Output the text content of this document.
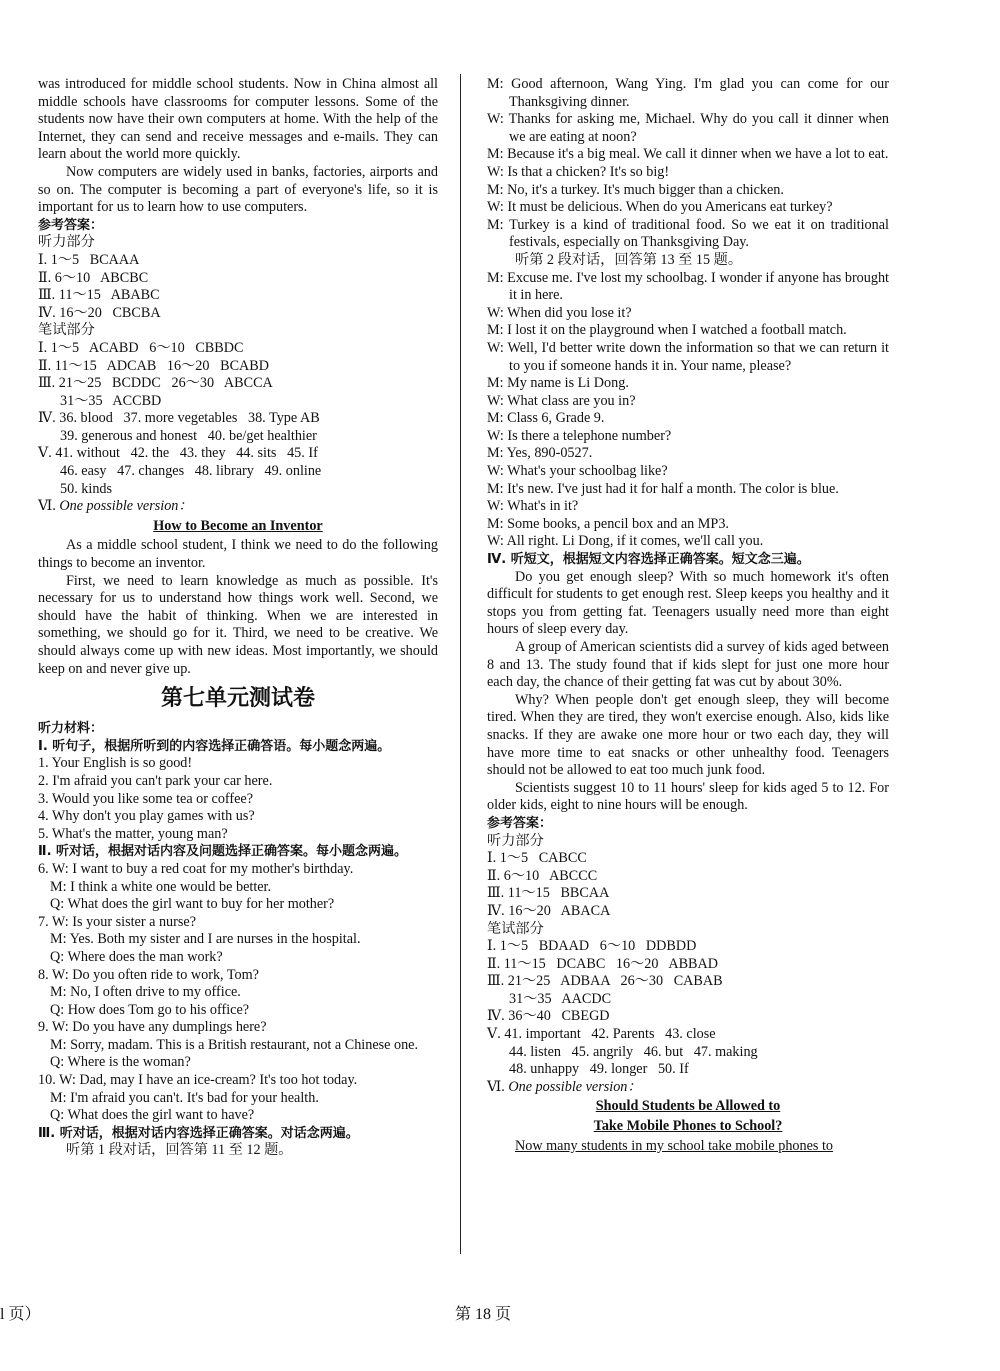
was introduced for middle school students. Now in China almost all middle schools have classrooms for computer lessons. Some of the students now have their own computers at home. With the help of the Internet, they can send and receive messages and e-mails. They can learn about the world more quickly.

Now computers are widely used in banks, factories, airports and so on. The computer is becoming a part of everyone's life, so it is important for us to learn how to use computers.

参考答案：

听力部分

Ⅰ. 1～5   BCAAA

Ⅱ. 6～10   ABCBC

Ⅲ. 11～15   ABABC

Ⅳ. 16～20   CBCBA

笔试部分

Ⅰ. 1～5   ACABD   6～10   CBBDC

Ⅱ. 11～15   ADCAB   16～20   BCABD

Ⅲ. 21～25   BCDDC   26～30   ABCCA

31～35   ACCBD

Ⅳ. 36. blood   37. more vegetables   38. Type AB

39. generous and honest   40. be/get healthier

Ⅴ. 41. without   42. the   43. they   44. sits   45. If

46. easy   47. changes   48. library   49. online

50. kinds

Ⅵ. One possible version：

How to Become an Inventor

As a middle school student, I think we need to do the following things to become an inventor.

First, we need to learn knowledge as much as possible. It's necessary for us to understand how things work well. Second, we should have the habit of thinking. When we are interested in something, we should go for it. Third, we need to be creative. We should always come up with new ideas. Most importantly, we should keep on and never give up.

第七单元测试卷

听力材料：

Ⅰ. 听句子，根据所听到的内容选择正确答语。每小题念两遍。

1. Your English is so good!

2. I'm afraid you can't park your car here.

3. Would you like some tea or coffee?

4. Why don't you play games with us?

5. What's the matter, young man?

Ⅱ. 听对话，根据对话内容及问题选择正确答案。每小题念两遍。

6. W: I want to buy a red coat for my mother's birthday.

M: I think a white one would be better.

Q: What does the girl want to buy for her mother?

7. W: Is your sister a nurse?

M: Yes. Both my sister and I are nurses in the hospital.

Q: Where does the man work?

8. W: Do you often ride to work, Tom?

M: No, I often drive to my office.

Q: How does Tom go to his office?

9. W: Do you have any dumplings here?

M: Sorry, madam. This is a British restaurant, not a Chinese one.

Q: Where is the woman?

10. W: Dad, may I have an ice-cream? It's too hot today.

M: I'm afraid you can't. It's bad for your health.

Q: What does the girl want to have?

Ⅲ. 听对话，根据对话内容选择正确答案。对话念两遍。

听第 1 段对话，回答第 11 至 12 题。

M: Good afternoon, Wang Ying. I'm glad you can come for our Thanksgiving dinner.

W: Thanks for asking me, Michael. Why do you call it dinner when we are eating at noon?

M: Because it's a big meal. We call it dinner when we have a lot to eat.

W: Is that a chicken? It's so big!

M: No, it's a turkey. It's much bigger than a chicken.

W: It must be delicious. When do you Americans eat turkey?

M: Turkey is a kind of traditional food. So we eat it on traditional festivals, especially on Thanksgiving Day.

听第 2 段对话，回答第 13 至 15 题。

M: Excuse me. I've lost my schoolbag. I wonder if anyone has brought it in here.

W: When did you lose it?

M: I lost it on the playground when I watched a football match.

W: Well, I'd better write down the information so that we can return it to you if someone hands it in. Your name, please?

M: My name is Li Dong.

W: What class are you in?

M: Class 6, Grade 9.

W: Is there a telephone number?

M: Yes, 890-0527.

W: What's your schoolbag like?

M: It's new. I've just had it for half a month. The color is blue.

W: What's in it?

M: Some books, a pencil box and an MP3.

W: All right. Li Dong, if it comes, we'll call you.

Ⅳ. 听短文，根据短文内容选择正确答案。短文念三遍。

Do you get enough sleep? With so much homework it's often difficult for students to get enough rest. Sleep keeps you healthy and it stops you from getting fat. Teenagers usually need more than eight hours of sleep every day.

A group of American scientists did a survey of kids aged between 8 and 13. The study found that if kids slept for just one more hour each day, the chance of their getting fat was cut by about 30%.

Why? When people don't get enough sleep, they will become tired. When they are tired, they won't exercise enough. Also, kids like snacks. If they are awake one more hour or two each day, they will have more time to eat snacks or other unhealthy food. Teenagers should not be allowed to eat too much junk food.

Scientists suggest 10 to 11 hours' sleep for kids aged 5 to 12. For older kids, eight to nine hours will be enough.

参考答案：

听力部分

Ⅰ. 1～5   CABCC

Ⅱ. 6～10   ABCCC

Ⅲ. 11～15   BBCAA

Ⅳ. 16～20   ABACA

笔试部分

Ⅰ. 1～5   BDAAD   6～10   DDBDD

Ⅱ. 11～15   DCABC   16～20   ABBAD

Ⅲ. 21～25   ADBAA   26～30   CABAB

31～35   AACDC

Ⅳ. 36～40   CBEGD

Ⅴ. 41. important   42. Parents   43. close

44. listen   45. angrily   46. but   47. making

48. unhappy   49. longer   50. If

Ⅵ. One possible version：

Should Students be Allowed to

Take Mobile Phones to School?

Now many students in my school take mobile phones to

l 页）	第 18 页
